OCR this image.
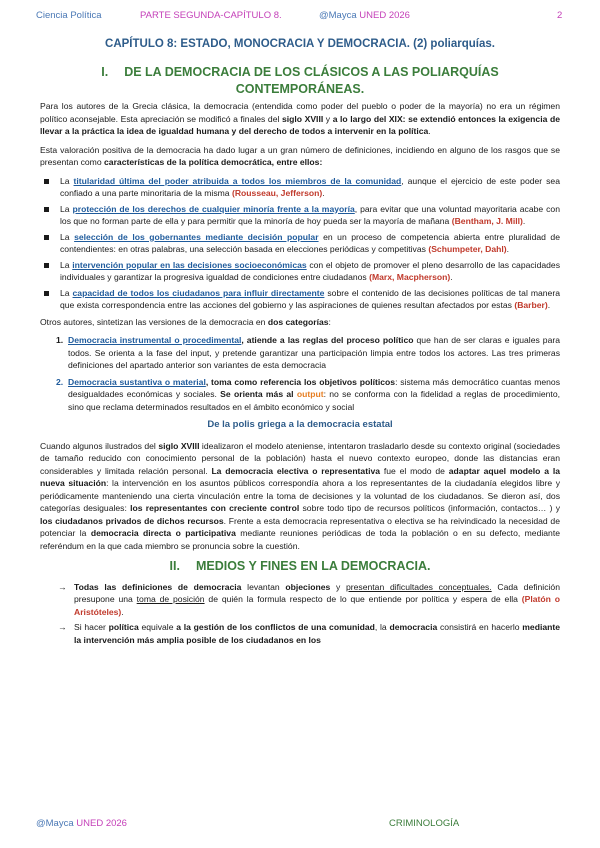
Ciencia Política	PARTE SEGUNDA-CAPÍTULO 8.	@Mayca UNED 2026	2
CAPÍTULO 8: ESTADO, MONOCRACIA Y DEMOCRACIA. (2) poliarquías.
I. DE LA DEMOCRACIA DE LOS CLÁSICOS A LAS POLIARQUÍAS CONTEMPORÁNEAS.

Para los autores de la Grecia clásica, la democracia (entendida como poder del pueblo o poder de la mayoría) no era un régimen político aconsejable. Esta apreciación se modificó a finales del siglo XVIII y a lo largo del XIX: se extendió entonces la exigencia de llevar a la práctica la idea de igualdad humana y del derecho de todos a intervenir en la política.

Esta valoración positiva de la democracia ha dado lugar a un gran número de definiciones, incidiendo en alguno de los rasgos que se presentan como características de la política democrática, entre ellos:

La titularidad última del poder atribuida a todos los miembros de la comunidad, aunque el ejercicio de este poder sea confiado a una parte minoritaria de la misma (Rousseau, Jefferson).
La protección de los derechos de cualquier minoría frente a la mayoría, para evitar que una voluntad mayoritaria acabe con los que no forman parte de ella y para permitir que la minoría de hoy pueda ser la mayoría de mañana (Bentham, J. Mill).
La selección de los gobernantes mediante decisión popular en un proceso de competencia abierta entre pluralidad de contendientes: en otras palabras, una selección basada en elecciones periódicas y competitivas (Schumpeter, Dahl).
La intervención popular en las decisiones socioeconómicas con el objeto de promover el pleno desarrollo de las capacidades individuales y garantizar la progresiva igualdad de condiciones entre ciudadanos (Marx, Macpherson).
La capacidad de todos los ciudadanos para influir directamente sobre el contenido de las decisiones políticas de tal manera que exista correspondencia entre las acciones del gobierno y las aspiraciones de quienes resultan afectados por estas (Barber).

Otros autores, sintetizan las versiones de la democracia en dos categorías:

1. Democracia instrumental o procedimental, atiende a las reglas del proceso político que han de ser claras e iguales para todos. Se orienta a la fase del input, y pretende garantizar una participación limpia entre todos los actores. Las tres primeras definiciones del apartado anterior son variantes de esta democracia
2. Democracia sustantiva o material, toma como referencia los objetivos políticos: sistema más democrático cuantas menos desigualdades económicas y sociales. Se orienta más al output: no se conforma con la fidelidad a reglas de procedimiento, sino que reclama determinados resultados en el ámbito económico y social
De la polis griega a la democracia estatal

Cuando algunos ilustrados del siglo XVIII idealizaron el modelo ateniense, intentaron trasladarlo desde su contexto original (sociedades de tamaño reducido con conocimiento personal de la población) hasta el nuevo contexto europeo, donde las distancias eran considerables y limitada relación personal. La democracia electiva o representativa fue el modo de adaptar aquel modelo a la nueva situación: la intervención en los asuntos públicos correspondía ahora a los representantes de la ciudadanía elegidos libre y periódicamente manteniendo una cierta vinculación entre la toma de decisiones y la voluntad de los ciudadanos. Se dieron así, dos categorías desiguales: los representantes con creciente control sobre todo tipo de recursos políticos (información, contactos… ) y los ciudadanos privados de dichos recursos. Frente a esta democracia representativa o electiva se ha reivindicado la necesidad de potenciar la democracia directa o participativa mediante reuniones periódicas de toda la población o en su defecto, mediante referéndum en la que cada miembro se pronuncia sobre la cuestión.

II. MEDIOS Y FINES EN LA DEMOCRACIA.
→ Todas las definiciones de democracia levantan objeciones y presentan dificultades conceptuales. Cada definición presupone una toma de posición de quién la formula respecto de lo que entiende por política y espera de ella (Platón o Aristóteles).
→ Si hacer política equivale a la gestión de los conflictos de una comunidad, la democracia consistirá en hacerlo mediante la intervención más amplia posible de los ciudadanos en los
@Mayca UNED 2026	CRIMINOLOGÍA
